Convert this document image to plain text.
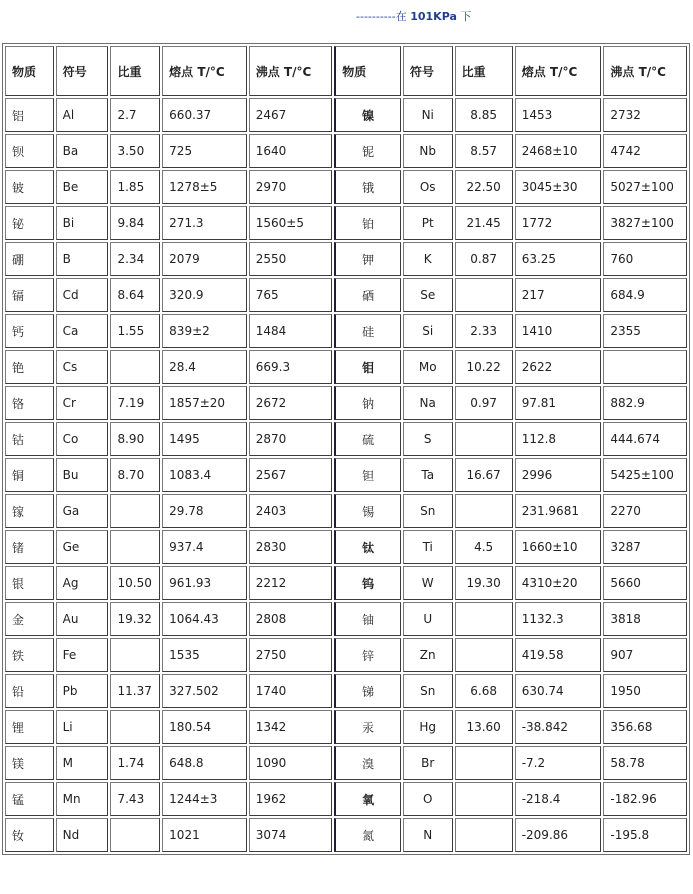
----------在 101KPa 下
物质	符号	比重	熔点 T/°C	沸点 T/°C	物质	符号	比重	熔点 T/°C	沸点 T/°C
铝	Al	2.7	660.37	2467	镍	Ni	8.85	1453	2732
钡	Ba	3.50	725	1640	铌	Nb	8.57	2468±10	4742
铍	Be	1.85	1278±5	2970	锇	Os	22.50	3045±30	5027±100
铋	Bi	9.84	271.3	1560±5	铂	Pt	21.45	1772	3827±100
硼	B	2.34	2079	2550	钾	K	0.87	63.25	760
镉	Cd	8.64	320.9	765	硒	Se		217	684.9
钙	Ca	1.55	839±2	1484	硅	Si	2.33	1410	2355
铯	Cs		28.4	669.3	钼	Mo	10.22	2622	
铬	Cr	7.19	1857±20	2672	钠	Na	0.97	97.81	882.9
钴	Co	8.90	1495	2870	硫	S		112.8	444.674
铜	Bu	8.70	1083.4	2567	钽	Ta	16.67	2996	5425±100
镓	Ga		29.78	2403	锡	Sn		231.9681	2270
锗	Ge		937.4	2830	钛	Ti	4.5	1660±10	3287
银	Ag	10.50	961.93	2212	钨	W	19.30	4310±20	5660
金	Au	19.32	1064.43	2808	铀	U		1132.3	3818
铁	Fe		1535	2750	锌	Zn		419.58	907
铅	Pb	11.37	327.502	1740	锑	Sn	6.68	630.74	1950
锂	Li		180.54	1342	汞	Hg	13.60	-38.842	356.68
镁	M	1.74	648.8	1090	溴	Br		-7.2	58.78
锰	Mn	7.43	1244±3	1962	氧	O		-218.4	-182.96
钕	Nd		1021	3074	氮	N		-209.86	-195.8
